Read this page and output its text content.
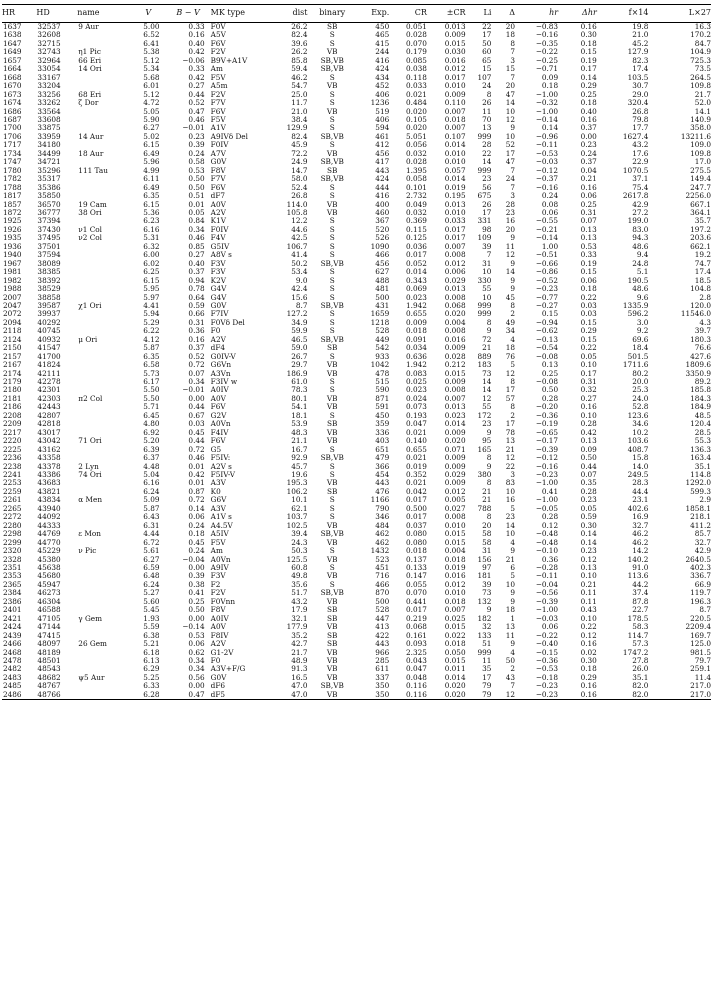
HR	HD	name	V	B − V	MK type	dist	binary	Exp.	CR	±CR	Li	Δ	hr	Δhr	f×14	L×27

1637	32537	9 Aur	5.00	0.33	F0V	26.2	SB	450	0.051	0.013	22	20	−0.83	0.16	19.8	16.3
1638	32608		6.52	0.16	A5V	82.4	S	465	0.028	0.009	17	18	−0.16	0.30	21.0	170.2
1647	32715		6.41	0.40	F6V	39.6	S	415	0.070	0.015	50	8	−0.35	0.18	45.2	84.7
1649	32743	η1 Pic	5.38	0.42	F2V	26.2	VB	244	0.179	0.030	60	7	−0.22	0.15	127.9	104.9
1657	32964	66 Eri	5.12	−0.06	B9V+A1V	85.8	SB,VB	416	0.085	0.016	65	3	−0.25	0.19	82.3	725.3
1664	33054	14 Ori	5.34	0.33	Am	59.4	SB,VB	424	0.038	0.012	15	15	−0.71	0.17	17.4	73.5
1668	33167		5.68	0.42	F5V	46.2	S	434	0.118	0.017	107	7	0.09	0.14	103.5	264.5
1670	33204		6.01	0.27	A5m	54.7	VB	452	0.033	0.010	24	20	0.18	0.29	30.7	109.8
1673	33256	68 Eri	5.12	0.44	F2V	25.0	S	406	0.021	0.009	8	47	−1.00	0.25	29.0	21.7
1674	33262	ζ Dor	4.72	0.52	F7V	11.7	S	1236	0.484	0.110	26	14	−0.32	0.18	320.4	52.0
1686	33564		5.05	0.47	F6V	21.0	VB	519	0.020	0.007	11	10	−1.00	0.40	26.8	14.1
1687	33608		5.90	0.46	F5V	38.4	S	406	0.105	0.018	70	12	−0.14	0.16	79.8	140.9
1700	33875		6.27	−0.01	A1V	129.9	S	594	0.020	0.007	13	9	0.14	0.37	17.7	358.0
1706	33959	14 Aur	5.02	0.23	A9IVδ Del	82.4	SB,VB	461	5.051	0.107	999	10	−0.96	0.00	1627.4	13211.6
1717	34180		6.15	0.39	F0IV	45.9	S	412	0.056	0.014	28	52	−0.11	0.23	43.2	109.0
1734	34499	18 Aur	6.49	0.24	A7V	72.2	VB	456	0.032	0.010	22	17	−0.53	0.24	17.6	109.8
1747	34721		5.96	0.58	G0V	24.9	SB,VB	417	0.028	0.010	14	47	−0.03	0.37	22.9	17.0
1780	35296	111 Tau	4.99	0.53	F8V	14.7	SB	443	1.395	0.057	999	7	−0.12	0.04	1070.5	275.5
1782	35317		6.11	0.50	F7V	58.0	SB,VB	424	0.058	0.014	23	24	−0.37	0.21	37.1	149.4
1788	35386		6.49	0.50	F6V	52.4	S	444	0.101	0.019	56	7	−0.16	0.16	75.4	247.7
1817	35850		6.35	0.51	dF7	26.8	S	416	2.732	0.195	675	3	0.24	0.06	2617.8	2256.0
1857	36570	19 Cam	6.15	0.01	A0V	114.0	VB	400	0.049	0.013	26	28	0.08	0.25	42.9	667.1
1872	36777	38 Ori	5.36	0.05	A2V	105.8	VB	460	0.032	0.010	17	23	0.06	0.31	27.2	364.1
1925	37394		6.23	0.84	K1V	12.2	S	367	0.369	0.033	331	16	−0.55	0.07	199.0	35.7
1926	37430	ν1 Col	6.16	0.34	F0IV	44.6	S	520	0.115	0.017	98	20	−0.21	0.13	83.0	197.2
1935	37495	ν2 Col	5.31	0.46	F4V	42.5	S	526	0.125	0.017	109	9	−0.14	0.13	94.3	203.6
1936	37501		6.32	0.85	G5IV	106.7	S	1090	0.036	0.007	39	11	1.00	0.53	48.6	662.1
1940	37594		6.00	0.27	A8V s	41.4	S	466	0.017	0.008	7	12	−0.51	0.33	9.4	19.2
1967	38089		6.02	0.40	F3V	50.2	SB,VB	456	0.052	0.012	31	9	−0.66	0.19	24.8	74.7
1981	38385		6.25	0.37	F3V	53.4	S	627	0.014	0.006	10	14	−0.86	0.15	5.1	17.4
1982	38392		6.15	0.94	K2V	9.0	S	488	0.343	0.029	330	9	−0.52	0.06	190.5	18.5
1988	38529		5.95	0.78	G4V	42.4	S	481	0.069	0.013	55	9	−0.23	0.18	48.6	104.8
2007	38858		5.97	0.64	G4V	15.6	S	500	0.023	0.008	10	45	−0.77	0.22	9.6	2.8
2047	39587	χ1 Ori	4.41	0.59	G0V	8.7	SB,VB	431	1.942	0.068	999	8	−0.27	0.03	1335.9	120.0
2072	39937		5.94	0.66	F7IV	127.2	S	1659	0.655	0.020	999	2	0.15	0.03	596.2	11546.0
2094	40292		5.29	0.31	F0Vδ Del	34.9	S	1218	0.009	0.004	8	49	−0.94	0.15	3.0	4.3
2118	40745		6.22	0.36	F0	59.9	S	528	0.018	0.008	9	34	−0.62	0.29	9.2	39.7
2124	40932	μ Ori	4.12	0.16	A2V	46.5	SB,VB	449	0.091	0.016	72	4	−0.13	0.15	69.6	180.3
2150	41547		5.87	0.37	dF4	59.0	SB	542	0.034	0.009	21	18	−0.54	0.22	18.4	76.6
2157	41700		6.35	0.52	G0IV-V	26.7	S	933	0.636	0.028	889	76	−0.08	0.05	501.5	427.6
2167	41824		6.58	0.72	G6Vn	29.7	VB	1042	1.942	0.212	183	5	0.13	0.10	1711.6	1809.6
2174	42111		5.73	0.07	A3Vn	186.9	VB	478	0.083	0.015	73	12	0.25	0.17	80.2	3350.9
2179	42278		6.17	0.34	F3IV w	61.0	S	515	0.025	0.009	14	8	−0.08	0.31	20.0	89.2
2180	42301		5.50	−0.01	A0IV	78.3	S	590	0.023	0.008	14	17	0.50	0.32	25.3	185.8
2181	42303	π2 Col	5.50	0.00	A0V	80.1	VB	871	0.024	0.007	12	57	0.28	0.27	24.0	184.3
2186	42443		5.71	0.44	F6V	54.1	VB	591	0.073	0.013	55	8	−0.20	0.16	52.8	184.9
2208	42807		6.45	0.67	G2V	18.1	S	450	0.193	0.023	172	2	−0.36	0.10	123.6	48.5
2209	42818		4.80	0.03	A0Vn	53.9	SB	359	0.047	0.014	23	17	−0.19	0.28	34.6	120.4
2217	43017		6.92	0.45	F4IV	48.3	VB	336	0.021	0.009	9	78	−0.65	0.42	10.2	28.5
2220	43042	71 Ori	5.20	0.44	F6V	21.1	VB	403	0.140	0.020	95	13	−0.17	0.13	103.6	55.3
2225	43162		6.39	0.72	G5	16.7	S	651	0.655	0.071	165	21	−0.39	0.09	408.7	136.3
2236	43358		6.37	0.46	F5IV:	92.9	SB,VB	479	0.021	0.009	8	12	−0.12	0.50	15.8	163.4
2238	43378	2 Lyn	4.48	0.01	A2V s	45.7	S	366	0.019	0.009	9	22	−0.16	0.44	14.0	35.1
2241	43386	74 Ori	5.04	0.42	F5IV-V	19.6	S	454	0.352	0.029	380	3	−0.23	0.07	249.5	114.8
2253	43683		6.16	0.01	A3V	195.3	VB	443	0.021	0.009	8	83	−1.00	0.35	28.3	1292.0
2259	43821		6.24	0.87	K0	106.2	SB	476	0.042	0.012	21	10	0.41	0.28	44.4	599.3
2261	43834	α Men	5.09	0.72	G6V	10.1	S	1166	0.017	0.005	21	16	−1.00	0.23	23.1	2.9
2265	43940		5.87	0.14	A3V	62.1	S	790	0.500	0.027	788	5	−0.05	0.05	402.6	1858.1
2272	44092		6.43	0.06	A1V s	103.7	S	346	0.017	0.008	8	23	0.28	0.59	16.9	218.1
2280	44333		6.31	0.24	A4.5V	102.5	VB	484	0.037	0.010	20	14	0.12	0.30	32.7	411.2
2298	44769	ε Mon	4.44	0.18	A5IV	39.4	SB,VB	462	0.080	0.015	58	10	−0.48	0.14	46.2	85.7
2299	44770		6.72	0.45	F5V	24.3	VB	462	0.080	0.015	58	4	−0.48	0.14	46.2	32.7
2320	45229	ν Pic	5.61	0.24	Am	50.3	S	1432	0.018	0.004	31	9	−0.10	0.23	14.2	42.9
2328	45380		6.27	−0.04	A0Vn	125.5	VB	523	0.137	0.018	156	21	0.36	0.12	140.2	2640.5
2351	45638		6.59	0.00	A9IV	60.8	S	451	0.133	0.019	97	6	−0.28	0.13	91.0	402.3
2353	45680		6.48	0.39	F3V	49.8	VB	716	0.147	0.016	181	5	−0.11	0.10	113.6	336.7
2365	45947		6.24	0.38	F2	35.6	S	466	0.055	0.012	39	10	−0.04	0.21	44.2	66.9
2384	46273		5.27	0.41	F2V	51.7	SB,VB	870	0.070	0.010	73	9	−0.56	0.11	37.4	119.7
2386	46304		5.60	0.25	F0Vnn	43.2	VB	500	0.441	0.018	132	9	−0.39	0.11	87.8	196.3
2401	46588		5.45	0.50	F8V	17.9	SB	528	0.017	0.007	9	18	−1.00	0.43	22.7	8.7
2421	47105	γ Gem	1.93	0.00	A0IV	32.1	SB	447	0.219	0.025	182	1	−0.03	0.10	178.5	220.5
2424	47144		5.59	−0.14	A0V	177.9	VB	413	0.068	0.015	32	13	0.06	0.22	58.3	2209.4
2439	47415		6.38	0.53	F8IV	35.2	SB	422	0.161	0.022	133	11	−0.22	0.12	114.7	169.7
2466	48097	26 Gem	5.21	0.06	A2V	42.7	SB	443	0.093	0.018	51	9	−0.40	0.16	57.3	125.0
2468	48189		6.18	0.62	G1-2V	21.7	VB	966	2.325	0.050	999	4	−0.15	0.02	1747.2	981.5
2478	48501		6.13	0.34	F0	48.9	VB	285	0.043	0.015	11	50	−0.36	0.30	27.8	79.7
2482	48543		6.29	0.34	A3V+F/G	91.3	VB	611	0.047	0.011	35	2	−0.53	0.18	26.0	259.1
2483	48682	ψ5 Aur	5.25	0.56	G0V	16.5	VB	337	0.048	0.014	17	43	−0.18	0.29	35.1	11.4
2485	48767		6.33	0.00	dF6	47.0	SB,VB	350	0.116	0.020	79	7	−0.23	0.16	82.0	217.0
2486	48766		6.28	0.47	dF5	47.0	VB	350	0.116	0.020	79	12	−0.23	0.16	82.0	217.0
